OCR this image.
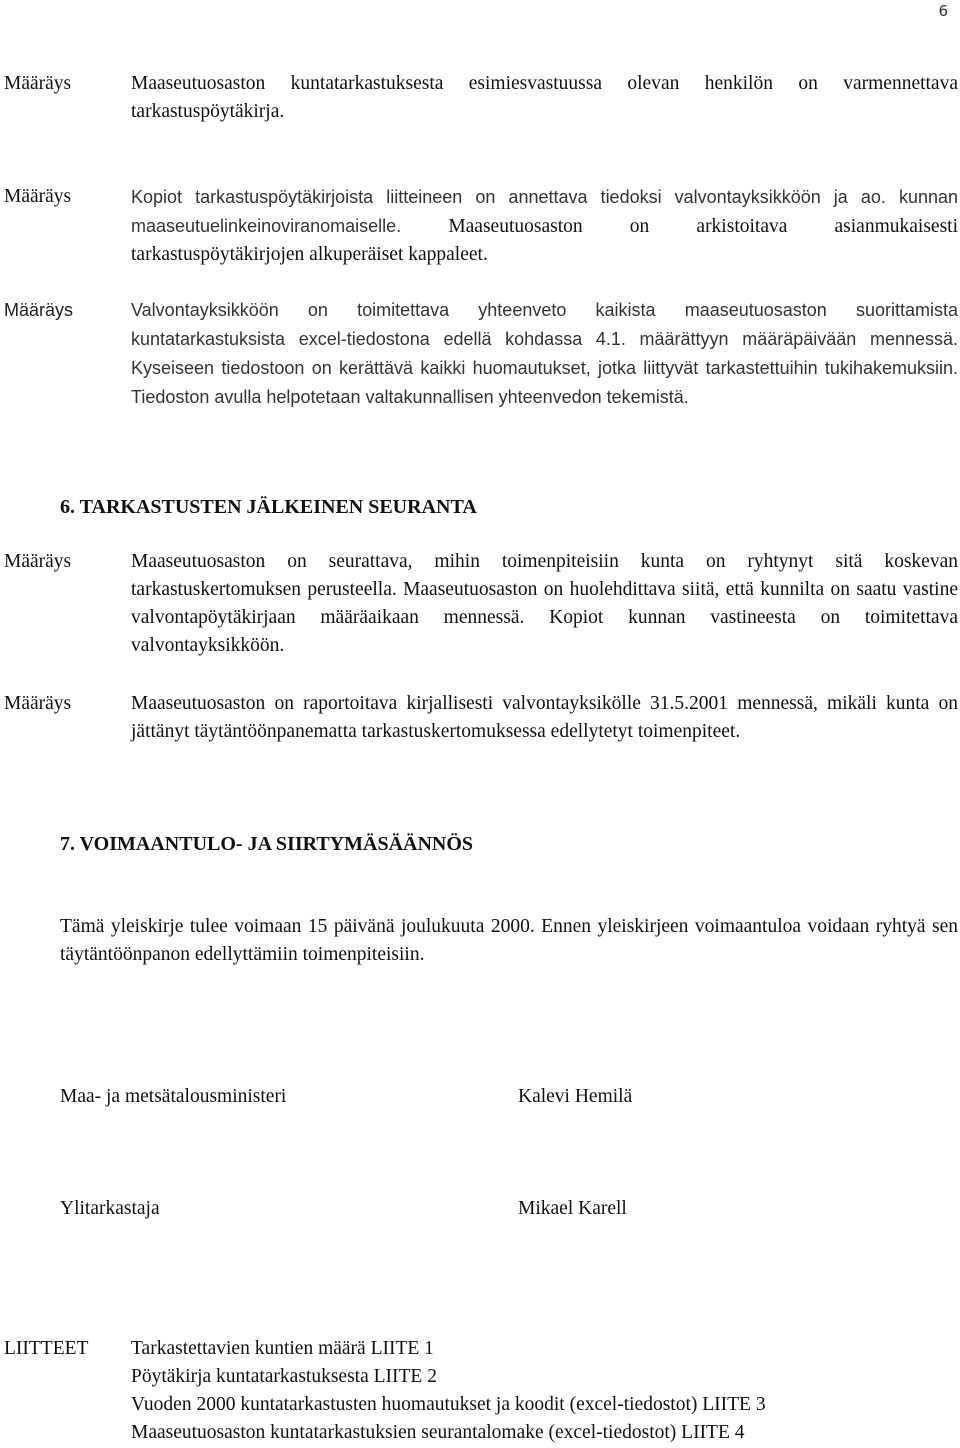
6
Määräys	Maaseutuosaston kuntatarkastuksesta esimiesvastuussa olevan henkilön on varmennettava tarkastuspöytäkirja.
Määräys	Kopiot tarkastuspöytäkirjoista liitteineen on annettava tiedoksi valvontayksikköön ja ao. kunnan maaseutuelinkeinoviranomaiselle. Maaseutuosaston on arkistoitava asianmukaisesti tarkastuspöytäkirjojen alkuperäiset kappaleet.
Määräys	Valvontayksikköön on toimitettava yhteenveto kaikista maaseutuosaston suorittamista kuntatarkastuksista excel-tiedostona edellä kohdassa 4.1. määrättyyn määräpäivään mennessä. Kyseiseen tiedostoon on kerättävä kaikki huomautukset, jotka liittyvät tarkastettuihin tukihakemuksiin. Tiedoston avulla helpotetaan valtakunnallisen yhteenvedon tekemistä.
6. TARKASTUSTEN JÄLKEINEN SEURANTA
Määräys	Maaseutuosaston on seurattava, mihin toimenpiteisiin kunta on ryhtynyt sitä koskevan tarkastuskertomuksen perusteella. Maaseutuosaston on huolehdittava siitä, että kunnilta on saatu vastine valvontapöytäkirjaan määräaikaan mennessä. Kopiot kunnan vastineesta on toimitettava valvontayksikköön.
Määräys	Maaseutuosaston on raportoitava kirjallisesti valvontayksikölle 31.5.2001 mennessä, mikäli kunta on jättänyt täytäntöönpanematta tarkastuskertomuksessa edellytetyt toimenpiteet.
7. VOIMAANTULO- JA SIIRTYMÄSÄÄNNÖS
Tämä yleiskirje tulee voimaan 15 päivänä joulukuuta 2000. Ennen yleiskirjeen voimaantuloa voidaan ryhtyä sen täytäntöönpanon edellyttämiin toimenpiteisiin.
Maa- ja metsätalousministeri	Kalevi Hemilä
Ylitarkastaja	Mikael Karell
LIITTEET Tarkastettavien kuntien määrä LIITE 1
Pöytäkirja kuntatarkastuksesta LIITE 2
Vuoden 2000 kuntatarkastusten huomautukset ja koodit (excel-tiedostot) LIITE 3
Maaseutuosaston kuntatarkastuksien seurantalomake (excel-tiedostot) LIITE 4
